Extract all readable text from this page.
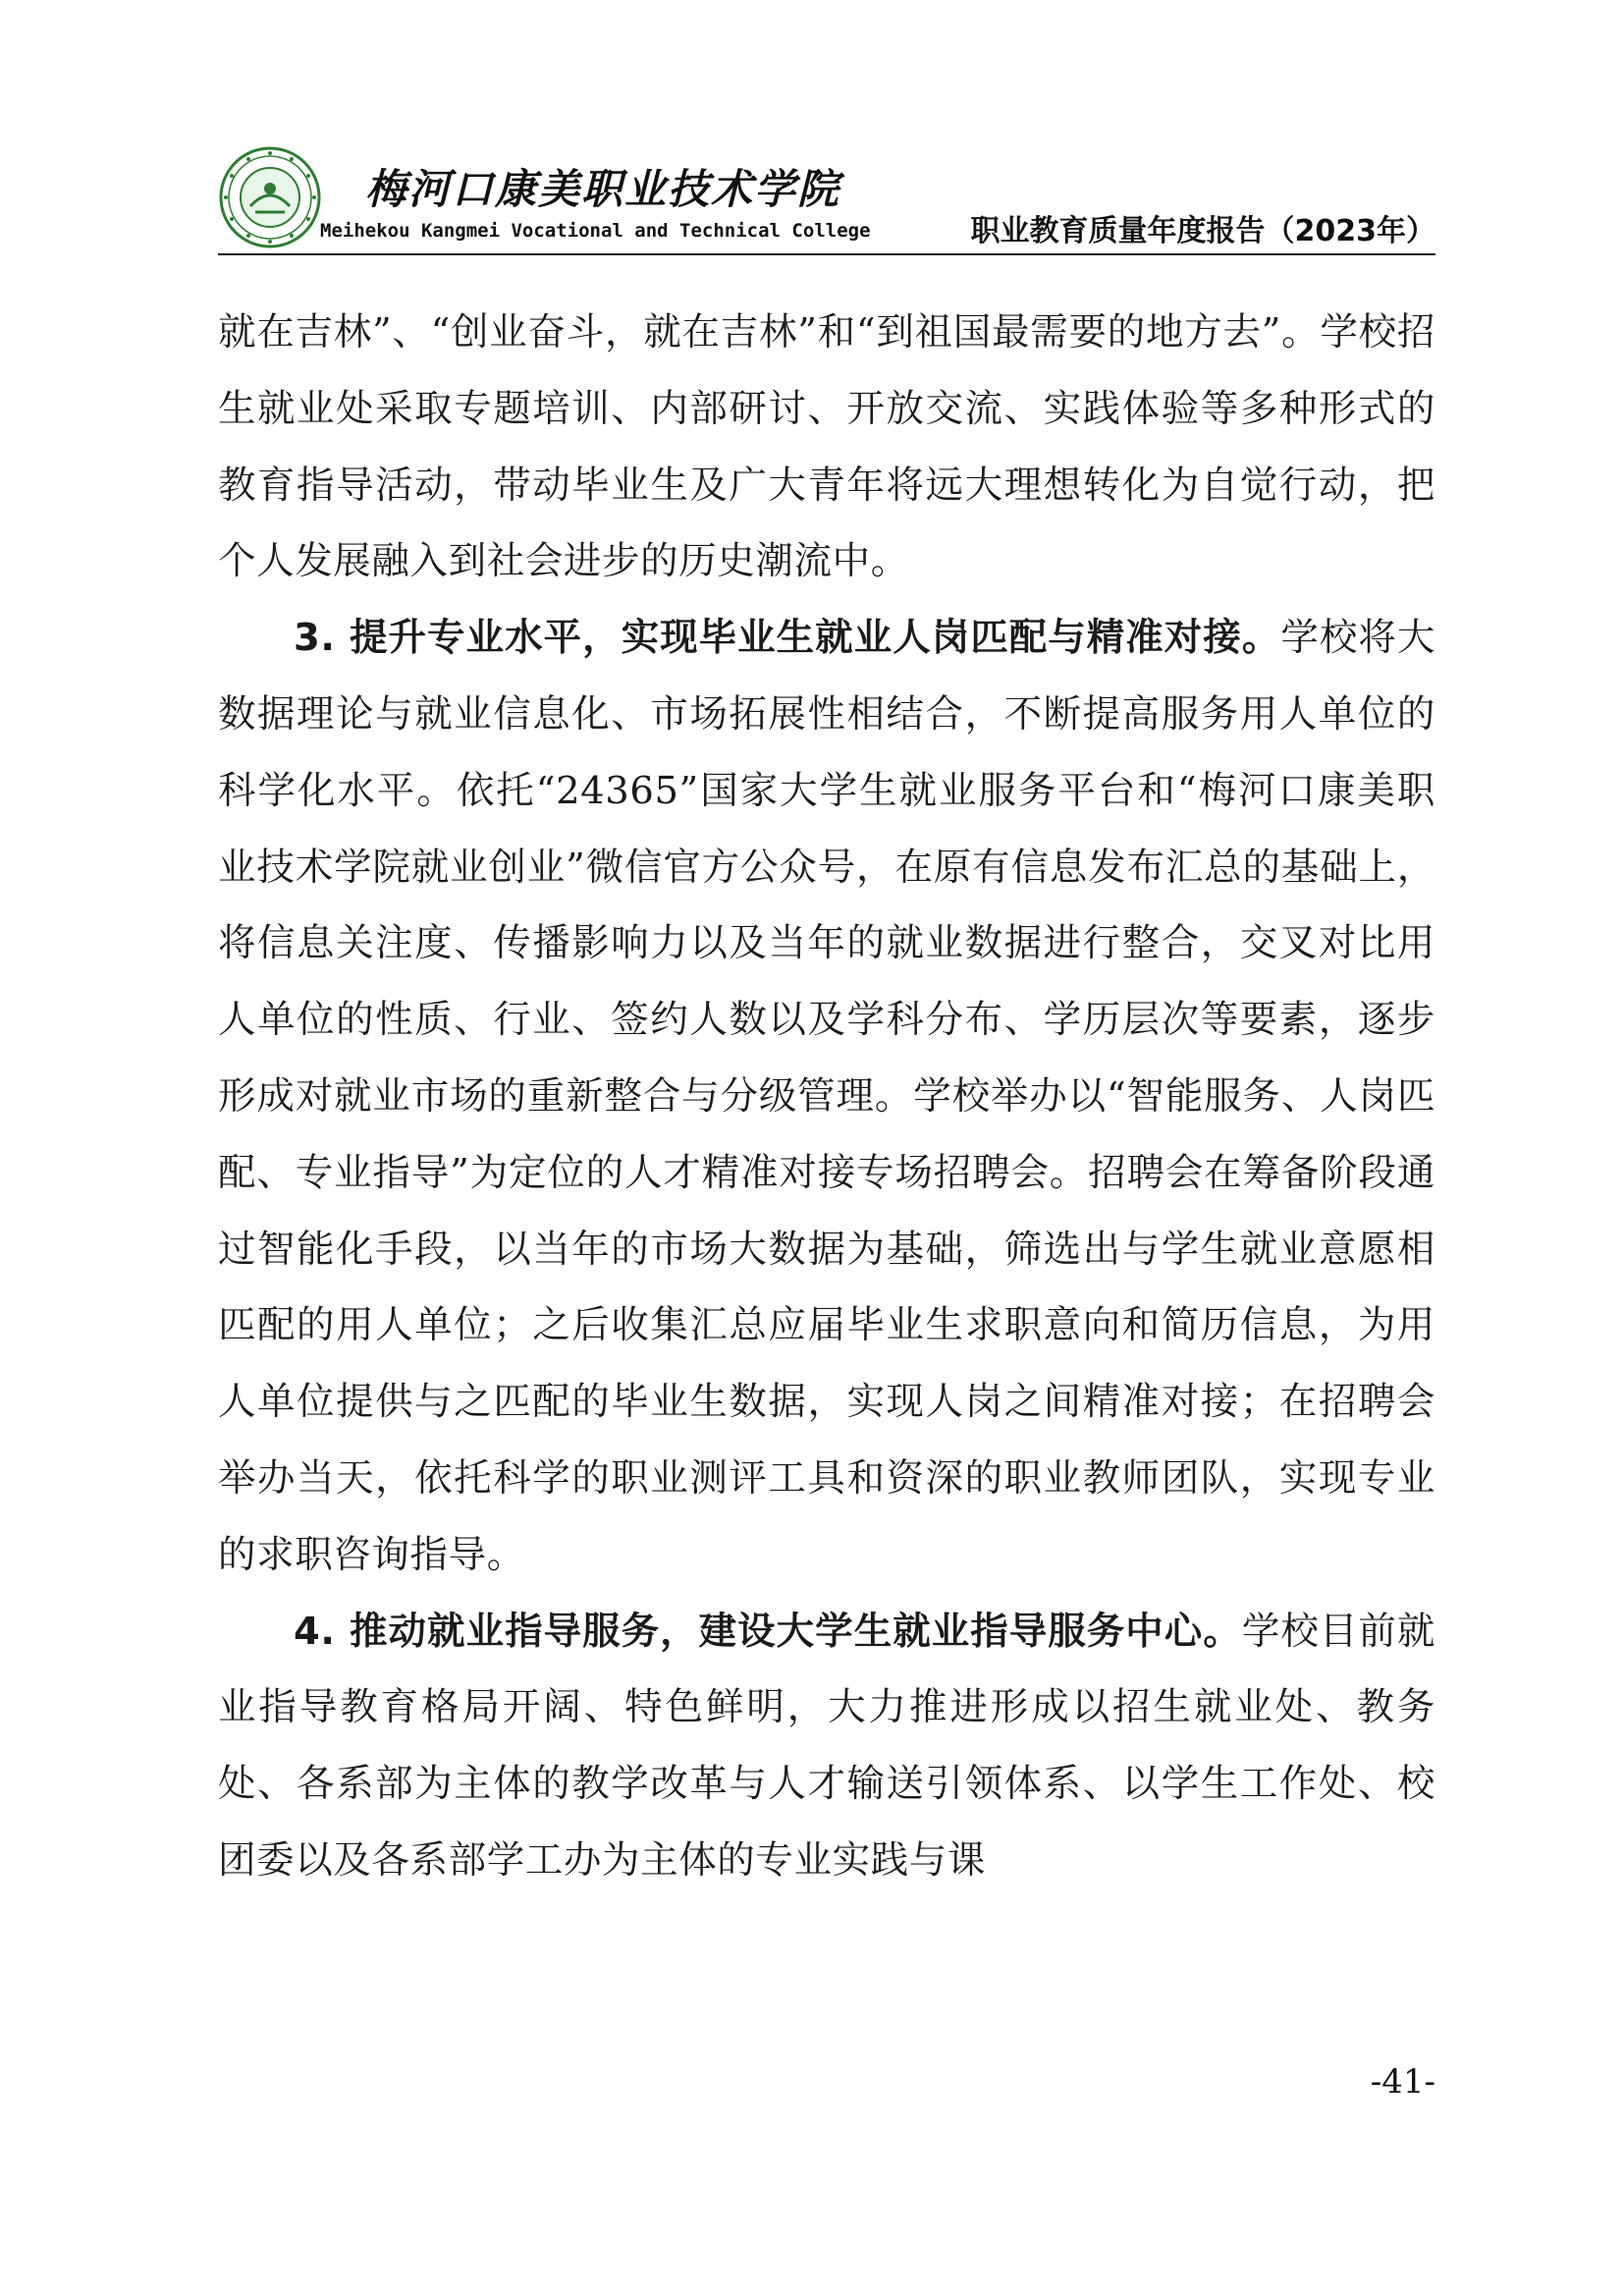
梅河口康美职业技术学院
Meihekou Kangmei Vocational and Technical College	职业教育质量年度报告（2023年）

就在吉林”、“创业奋斗，就在吉林”和“到祖国最需要的地方去”。学校招生就业处采取专题培训、内部研讨、开放交流、实践体验等多种形式的教育指导活动，带动毕业生及广大青年将远大理想转化为自觉行动，把个人发展融入到社会进步的历史潮流中。

3. 提升专业水平，实现毕业生就业人岗匹配与精准对接。学校将大数据理论与就业信息化、市场拓展性相结合，不断提高服务用人单位的科学化水平。依托“24365”国家大学生就业服务平台和“梅河口康美职业技术学院就业创业”微信官方公众号，在原有信息发布汇总的基础上，将信息关注度、传播影响力以及当年的就业数据进行整合，交叉对比用人单位的性质、行业、签约人数以及学科分布、学历层次等要素，逐步形成对就业市场的重新整合与分级管理。学校举办以“智能服务、人岗匹配、专业指导”为定位的人才精准对接专场招聘会。招聘会在筹备阶段通过智能化手段，以当年的市场大数据为基础，筛选出与学生就业意愿相匹配的用人单位；之后收集汇总应届毕业生求职意向和简历信息，为用人单位提供与之匹配的毕业生数据，实现人岗之间精准对接；在招聘会举办当天，依托科学的职业测评工具和资深的职业教师团队，实现专业的求职咨询指导。

4. 推动就业指导服务，建设大学生就业指导服务中心。学校目前就业指导教育格局开阔、特色鲜明，大力推进形成以招生就业处、教务处、各系部为主体的教学改革与人才输送引领体系、以学生工作处、校团委以及各系部学工办为主体的专业实践与课

-41-
